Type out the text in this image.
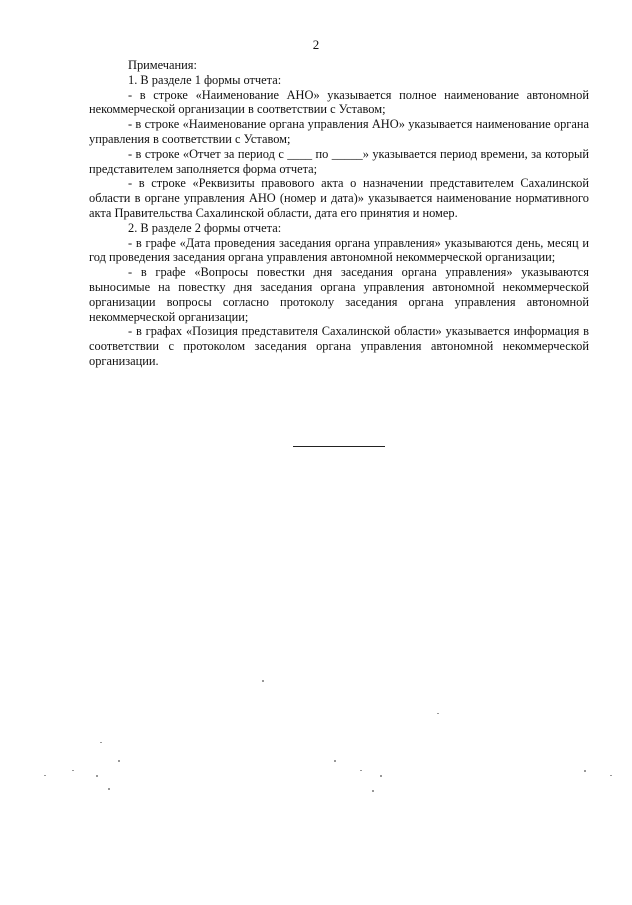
2

Примечания:

1. В разделе 1 формы отчета:

- в строке «Наименование АНО» указывается полное наименование автономной некоммерческой организации в соответствии с Уставом;

- в строке «Наименование органа управления АНО» указывается наименование органа управления в соответствии с Уставом;

- в строке «Отчет за период с ____ по _____» указывается период времени, за который представителем заполняется форма отчета;

- в строке «Реквизиты правового акта о назначении представителем Сахалинской области в органе управления АНО (номер и дата)» указывается наименование нормативного акта Правительства Сахалинской области, дата его принятия и номер.

2. В разделе 2 формы отчета:

- в графе «Дата проведения заседания органа управления» указываются день, месяц и год проведения заседания органа управления автономной некоммерческой организации;

- в графе «Вопросы повестки дня заседания органа управления» указываются выносимые на повестку дня заседания органа управления автономной некоммерческой организации вопросы согласно протоколу заседания органа управления автономной некоммерческой организации;

- в графах «Позиция представителя Сахалинской области» указывается информация в соответствии с протоколом заседания органа управления автономной некоммерческой организации.
